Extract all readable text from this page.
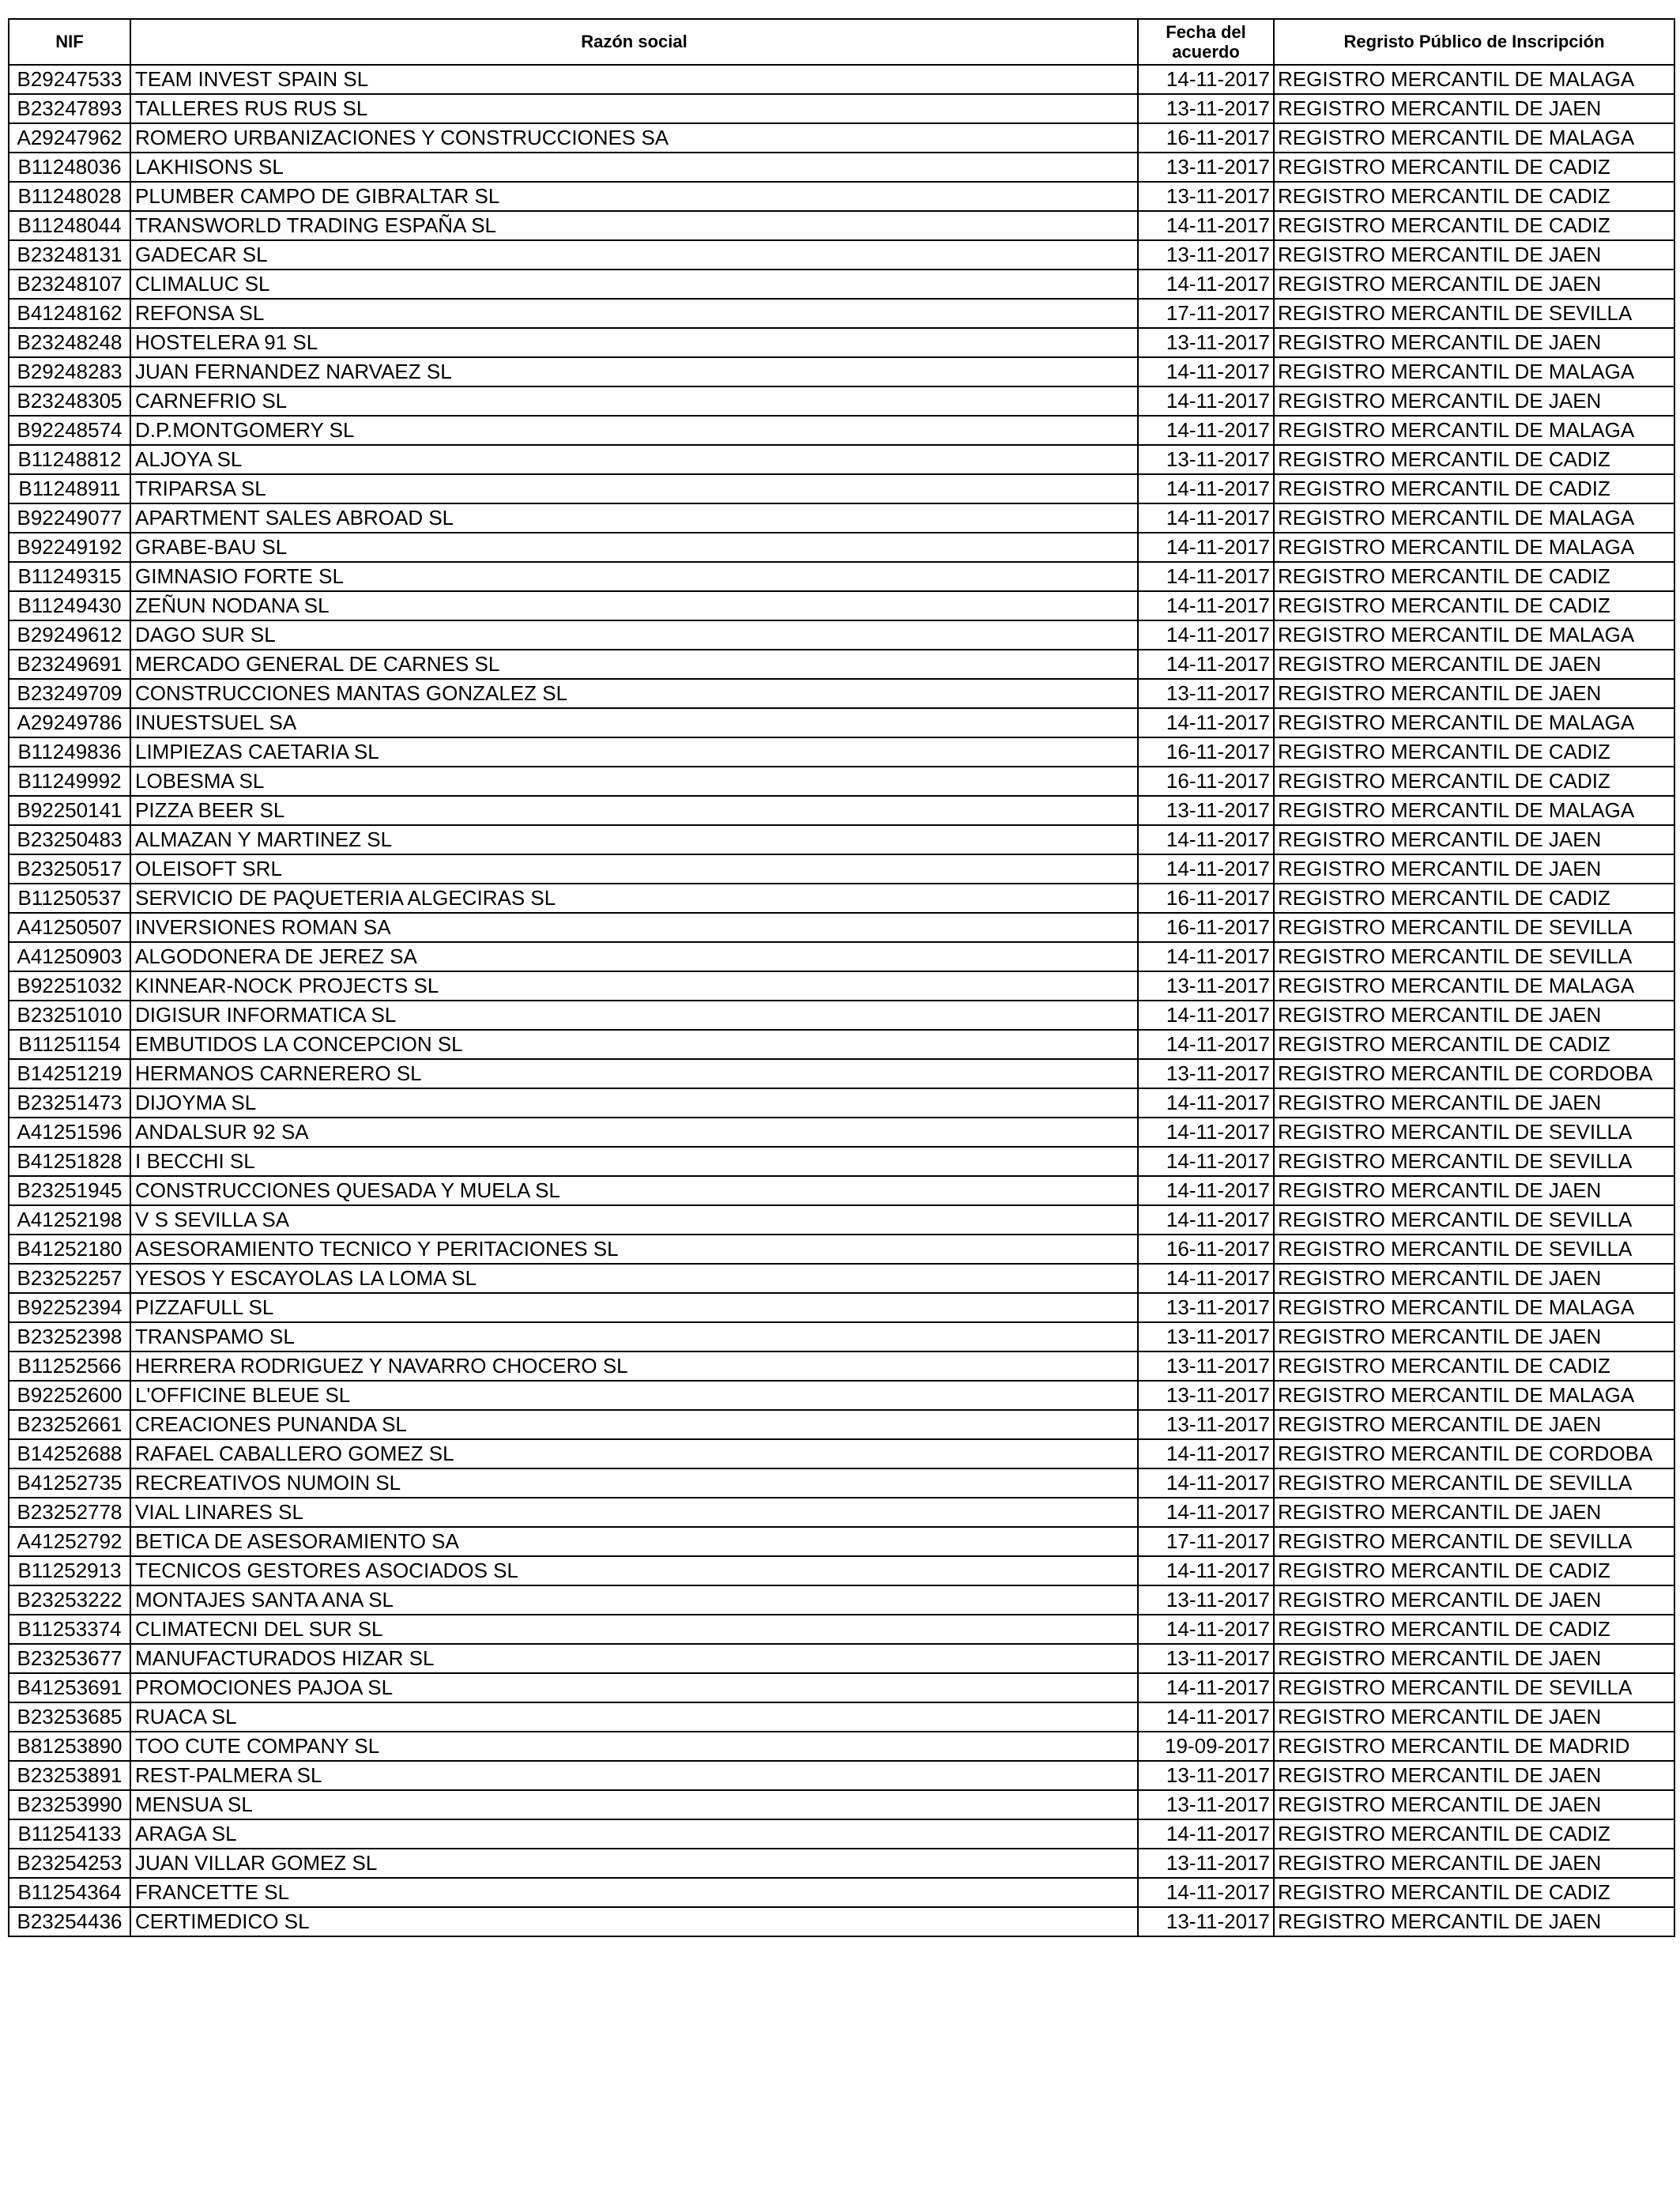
NIF	Razón social	Fecha del acuerdo	Regristo Público de Inscripción
B29247533	TEAM INVEST SPAIN SL	14-11-2017	REGISTRO MERCANTIL DE MALAGA
B23247893	TALLERES RUS RUS SL	13-11-2017	REGISTRO MERCANTIL DE JAEN
A29247962	ROMERO URBANIZACIONES Y CONSTRUCCIONES SA	16-11-2017	REGISTRO MERCANTIL DE MALAGA
B11248036	LAKHISONS SL	13-11-2017	REGISTRO MERCANTIL DE CADIZ
B11248028	PLUMBER CAMPO DE GIBRALTAR SL	13-11-2017	REGISTRO MERCANTIL DE CADIZ
B11248044	TRANSWORLD TRADING ESPAÑA SL	14-11-2017	REGISTRO MERCANTIL DE CADIZ
B23248131	GADECAR SL	13-11-2017	REGISTRO MERCANTIL DE JAEN
B23248107	CLIMALUC SL	14-11-2017	REGISTRO MERCANTIL DE JAEN
B41248162	REFONSA SL	17-11-2017	REGISTRO MERCANTIL DE SEVILLA
B23248248	HOSTELERA 91 SL	13-11-2017	REGISTRO MERCANTIL DE JAEN
B29248283	JUAN FERNANDEZ NARVAEZ SL	14-11-2017	REGISTRO MERCANTIL DE MALAGA
B23248305	CARNEFRIO SL	14-11-2017	REGISTRO MERCANTIL DE JAEN
B92248574	D.P.MONTGOMERY SL	14-11-2017	REGISTRO MERCANTIL DE MALAGA
B11248812	ALJOYA SL	13-11-2017	REGISTRO MERCANTIL DE CADIZ
B11248911	TRIPARSA SL	14-11-2017	REGISTRO MERCANTIL DE CADIZ
B92249077	APARTMENT SALES ABROAD SL	14-11-2017	REGISTRO MERCANTIL DE MALAGA
B92249192	GRABE-BAU SL	14-11-2017	REGISTRO MERCANTIL DE MALAGA
B11249315	GIMNASIO FORTE SL	14-11-2017	REGISTRO MERCANTIL DE CADIZ
B11249430	ZEÑUN NODANA SL	14-11-2017	REGISTRO MERCANTIL DE CADIZ
B29249612	DAGO SUR SL	14-11-2017	REGISTRO MERCANTIL DE MALAGA
B23249691	MERCADO GENERAL DE CARNES SL	14-11-2017	REGISTRO MERCANTIL DE JAEN
B23249709	CONSTRUCCIONES MANTAS GONZALEZ SL	13-11-2017	REGISTRO MERCANTIL DE JAEN
A29249786	INUESTSUEL SA	14-11-2017	REGISTRO MERCANTIL DE MALAGA
B11249836	LIMPIEZAS CAETARIA SL	16-11-2017	REGISTRO MERCANTIL DE CADIZ
B11249992	LOBESMA SL	16-11-2017	REGISTRO MERCANTIL DE CADIZ
B92250141	PIZZA BEER SL	13-11-2017	REGISTRO MERCANTIL DE MALAGA
B23250483	ALMAZAN Y MARTINEZ SL	14-11-2017	REGISTRO MERCANTIL DE JAEN
B23250517	OLEISOFT SRL	14-11-2017	REGISTRO MERCANTIL DE JAEN
B11250537	SERVICIO DE PAQUETERIA ALGECIRAS SL	16-11-2017	REGISTRO MERCANTIL DE CADIZ
A41250507	INVERSIONES ROMAN SA	16-11-2017	REGISTRO MERCANTIL DE SEVILLA
A41250903	ALGODONERA DE JEREZ SA	14-11-2017	REGISTRO MERCANTIL DE SEVILLA
B92251032	KINNEAR-NOCK PROJECTS SL	13-11-2017	REGISTRO MERCANTIL DE MALAGA
B23251010	DIGISUR INFORMATICA SL	14-11-2017	REGISTRO MERCANTIL DE JAEN
B11251154	EMBUTIDOS LA CONCEPCION SL	14-11-2017	REGISTRO MERCANTIL DE CADIZ
B14251219	HERMANOS CARNERERO SL	13-11-2017	REGISTRO MERCANTIL DE CORDOBA
B23251473	DIJOYMA SL	14-11-2017	REGISTRO MERCANTIL DE JAEN
A41251596	ANDALSUR 92 SA	14-11-2017	REGISTRO MERCANTIL DE SEVILLA
B41251828	I BECCHI SL	14-11-2017	REGISTRO MERCANTIL DE SEVILLA
B23251945	CONSTRUCCIONES QUESADA Y MUELA SL	14-11-2017	REGISTRO MERCANTIL DE JAEN
A41252198	V S SEVILLA SA	14-11-2017	REGISTRO MERCANTIL DE SEVILLA
B41252180	ASESORAMIENTO TECNICO Y PERITACIONES SL	16-11-2017	REGISTRO MERCANTIL DE SEVILLA
B23252257	YESOS Y ESCAYOLAS LA LOMA SL	14-11-2017	REGISTRO MERCANTIL DE JAEN
B92252394	PIZZAFULL SL	13-11-2017	REGISTRO MERCANTIL DE MALAGA
B23252398	TRANSPAMO SL	13-11-2017	REGISTRO MERCANTIL DE JAEN
B11252566	HERRERA RODRIGUEZ Y NAVARRO CHOCERO SL	13-11-2017	REGISTRO MERCANTIL DE CADIZ
B92252600	L'OFFICINE BLEUE SL	13-11-2017	REGISTRO MERCANTIL DE MALAGA
B23252661	CREACIONES PUNANDA SL	13-11-2017	REGISTRO MERCANTIL DE JAEN
B14252688	RAFAEL CABALLERO GOMEZ SL	14-11-2017	REGISTRO MERCANTIL DE CORDOBA
B41252735	RECREATIVOS NUMOIN SL	14-11-2017	REGISTRO MERCANTIL DE SEVILLA
B23252778	VIAL LINARES SL	14-11-2017	REGISTRO MERCANTIL DE JAEN
A41252792	BETICA DE ASESORAMIENTO SA	17-11-2017	REGISTRO MERCANTIL DE SEVILLA
B11252913	TECNICOS GESTORES ASOCIADOS SL	14-11-2017	REGISTRO MERCANTIL DE CADIZ
B23253222	MONTAJES SANTA ANA SL	13-11-2017	REGISTRO MERCANTIL DE JAEN
B11253374	CLIMATECNI DEL SUR SL	14-11-2017	REGISTRO MERCANTIL DE CADIZ
B23253677	MANUFACTURADOS HIZAR SL	13-11-2017	REGISTRO MERCANTIL DE JAEN
B41253691	PROMOCIONES PAJOA SL	14-11-2017	REGISTRO MERCANTIL DE SEVILLA
B23253685	RUACA SL	14-11-2017	REGISTRO MERCANTIL DE JAEN
B81253890	TOO CUTE COMPANY SL	19-09-2017	REGISTRO MERCANTIL DE MADRID
B23253891	REST-PALMERA SL	13-11-2017	REGISTRO MERCANTIL DE JAEN
B23253990	MENSUA SL	13-11-2017	REGISTRO MERCANTIL DE JAEN
B11254133	ARAGA SL	14-11-2017	REGISTRO MERCANTIL DE CADIZ
B23254253	JUAN VILLAR GOMEZ SL	13-11-2017	REGISTRO MERCANTIL DE JAEN
B11254364	FRANCETTE SL	14-11-2017	REGISTRO MERCANTIL DE CADIZ
B23254436	CERTIMEDICO SL	13-11-2017	REGISTRO MERCANTIL DE JAEN
